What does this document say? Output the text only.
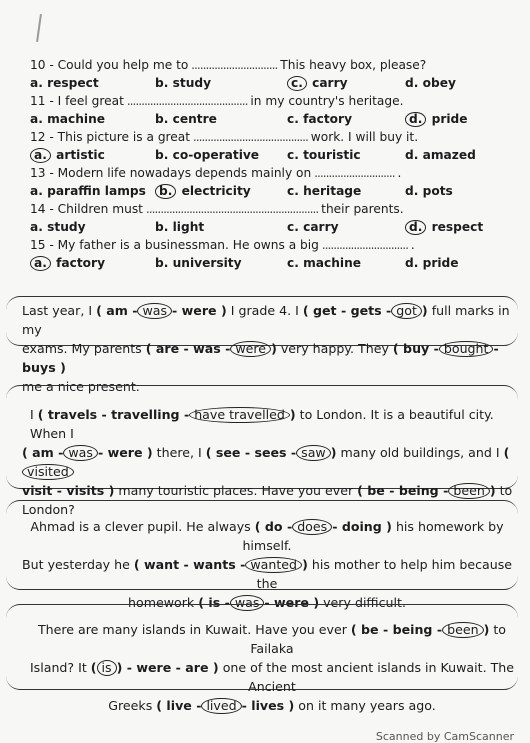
10 - Could you help me to .............................. This heavy box, please?
a. respect	b. study	c. carry	d. obey
11 - I feel great .......................................... in my country's heritage.
a. machine	b. centre	c. factory	d. pride
12 - This picture is a great ........................................ work. I will buy it.
a. artistic	b. co-operative c. touristic	d. amazed
13 - Modern life nowadays depends mainly on ............................ .
a. paraffin lamps	b. electricity	c. heritage	d. pots
14 - Children must ............................................................ their parents.
a. study	b. light	c. carry	d. respect
15 - My father is a businessman. He owns a big .............................. .
a. factory	b. university	c. machine	d. pride
Last year, I ( am - was - were ) I grade 4. I ( get - gets - got ) full marks in my
exams. My parents ( are - was - were ) very happy. They ( buy - bought - buys )
me a nice present.
I ( travels - travelling - have travelled ) to London. It is a beautiful city. When I
( am - was - were ) there, I ( see - sees - saw ) many old buildings, and I (visited
visit - visits ) many touristic places. Have you ever ( be - being - been ) to London?
Ahmad is a clever pupil. He always ( do - does - doing ) his homework by himself.
But yesterday he ( want - wants - wanted ) his mother to help him because the
homework ( is - was - were ) very difficult.
There are many islands in Kuwait. Have you ever ( be - being - been ) to Failaka
Island? It ( is ) - were - are ) one of the most ancient islands in Kuwait. The Ancient
Greeks ( live - lived - lives ) on it many years ago.
Scanned by CamScanner
